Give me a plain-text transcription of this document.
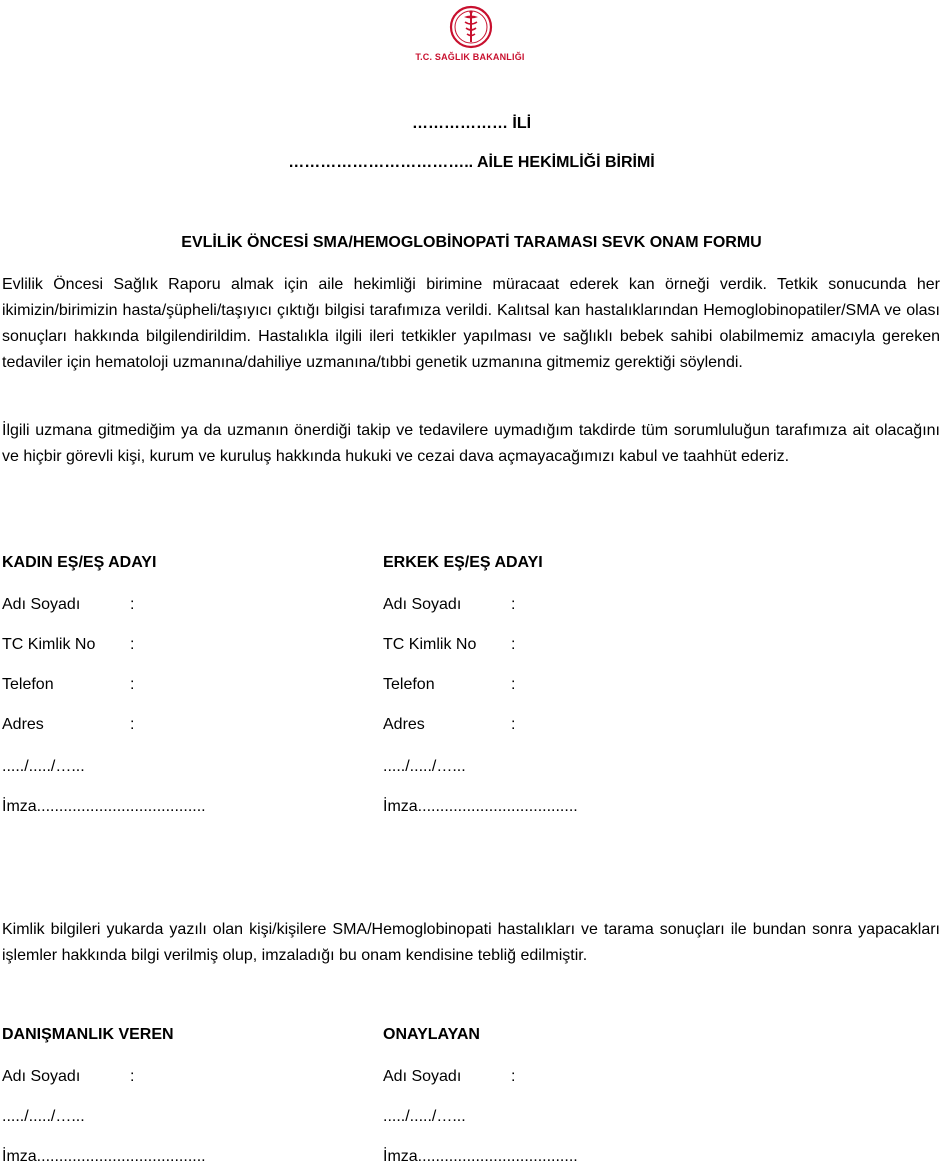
T.C. SAĞLIK BAKANLIĞI
……………… İLİ
…………………………….. AİLE HEKİMLİĞİ BİRİMİ
EVLİLİK ÖNCESİ SMA/HEMOGLOBİNOPATİ TARAMASI SEVK ONAM FORMU
Evlilik Öncesi Sağlık Raporu almak için aile hekimliği birimine müracaat ederek kan örneği verdik. Tetkik sonucunda her ikimizin/birimizin hasta/şüpheli/taşıyıcı çıktığı bilgisi tarafımıza verildi. Kalıtsal kan hastalıklarından Hemoglobinopatiler/SMA ve olası sonuçları hakkında bilgilendirildim. Hastalıkla ilgili ileri tetkikler yapılması ve sağlıklı bebek sahibi olabilmemiz amacıyla gereken tedaviler için hematoloji uzmanına/dahiliye uzmanına/tıbbi genetik uzmanına gitmemiz gerektiği söylendi.
İlgili uzmana gitmediğim ya da uzmanın önerdiği takip ve tedavilere uymadığım takdirde tüm sorumluluğun tarafımıza ait olacağını ve hiçbir görevli kişi, kurum ve kuruluş hakkında hukuki ve cezai dava açmayacağımızı kabul ve taahhüt ederiz.
KADIN EŞ/EŞ ADAYI
Adı Soyadı	:
TC Kimlik No :
Telefon	:
Adres	:
...../...../…...
İmza......................................
ERKEK EŞ/EŞ ADAYI
Adı Soyadı	:
TC Kimlik No :
Telefon	:
Adres	:
...../...../…...
İmza....................................
Kimlik bilgileri yukarda yazılı olan kişi/kişilere SMA/Hemoglobinopati hastalıkları ve tarama sonuçları ile bundan sonra yapacakları işlemler hakkında bilgi verilmiş olup, imzaladığı bu onam kendisine tebliğ edilmiştir.
DANIŞMANLIK VEREN
Adı Soyadı	:
...../...../…...
İmza......................................
ONAYLAYAN
Adı Soyadı	:
...../...../…...
İmza....................................
